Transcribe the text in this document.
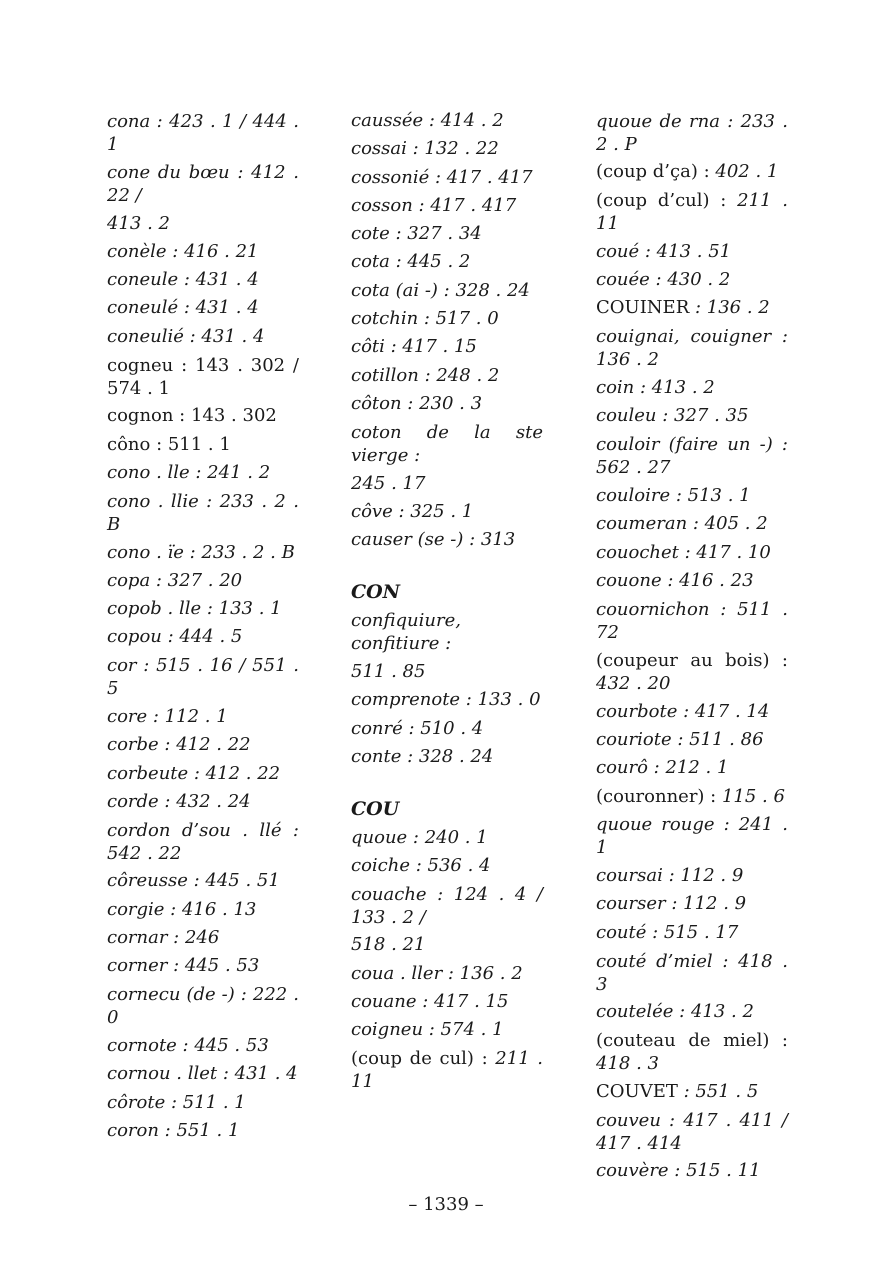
cona : 423 . 1 / 444 . 1
cone du bœu : 412 . 22 /
413 . 2
conèle : 416 . 21
coneule : 431 . 4
coneulé : 431 . 4
coneulié : 431 . 4
cogneu : 143 . 302 / 574 . 1
cognon : 143 . 302
côno : 511 . 1
cono . lle : 241 . 2
cono . llie : 233 . 2 . B
cono . ïe : 233 . 2 . B
copa : 327 . 20
copob . lle : 133 . 1
copou : 444 . 5
cor : 515 . 16 / 551 . 5
core : 112 . 1
corbe : 412 . 22
corbeute : 412 . 22
corde : 432 . 24
cordon d’sou . llé : 542 . 22
côreusse : 445 . 51
corgie : 416 . 13
cornar : 246
corner : 445 . 53
cornecu (de -) : 222 . 0
cornote : 445 . 53
cornou . llet : 431 . 4
côrote : 511 . 1
coron : 551 . 1
caussée : 414 . 2
cossai : 132 . 22
cossonié : 417 . 417
cosson : 417 . 417
cote : 327 . 34
cota : 445 . 2
cota (ai -) : 328 . 24
cotchin : 517 . 0
côti : 417 . 15
cotillon : 248 . 2
côton : 230 . 3
coton de la ste vierge :
245 . 17
côve : 325 . 1
causer (se -) : 313
CON
confiquiure, confitiure :
511 . 85
comprenote : 133 . 0
conré : 510 . 4
conte : 328 . 24
COU
quoue : 240 . 1
coiche : 536 . 4
couache : 124 . 4 / 133 . 2 /
518 . 21
coua . ller : 136 . 2
couane : 417 . 15
coigneu : 574 . 1
(coup de cul) : 211 . 11
quoue de rna : 233 . 2 . P
(coup d’ça) : 402 . 1
(coup d’cul) : 211 . 11
coué : 413 . 51
couée : 430 . 2
COUINER : 136 . 2
couignai, couigner : 136 . 2
coin : 413 . 2
couleu : 327 . 35
couloir (faire un -) : 562 . 27
couloire : 513 . 1
coumeran : 405 . 2
couochet : 417 . 10
couone : 416 . 23
couornichon : 511 . 72
(coupeur au bois) : 432 . 20
courbote : 417 . 14
couriote : 511 . 86
courô : 212 . 1
(couronner) : 115 . 6
quoue rouge : 241 . 1
coursai : 112 . 9
courser : 112 . 9
couté : 515 . 17
couté d’miel : 418 . 3
coutelée : 413 . 2
(couteau de miel) : 418 . 3
COUVET : 551 . 5
couveu : 417 . 411 / 417 . 414
couvère : 515 . 11
– 1339 –
